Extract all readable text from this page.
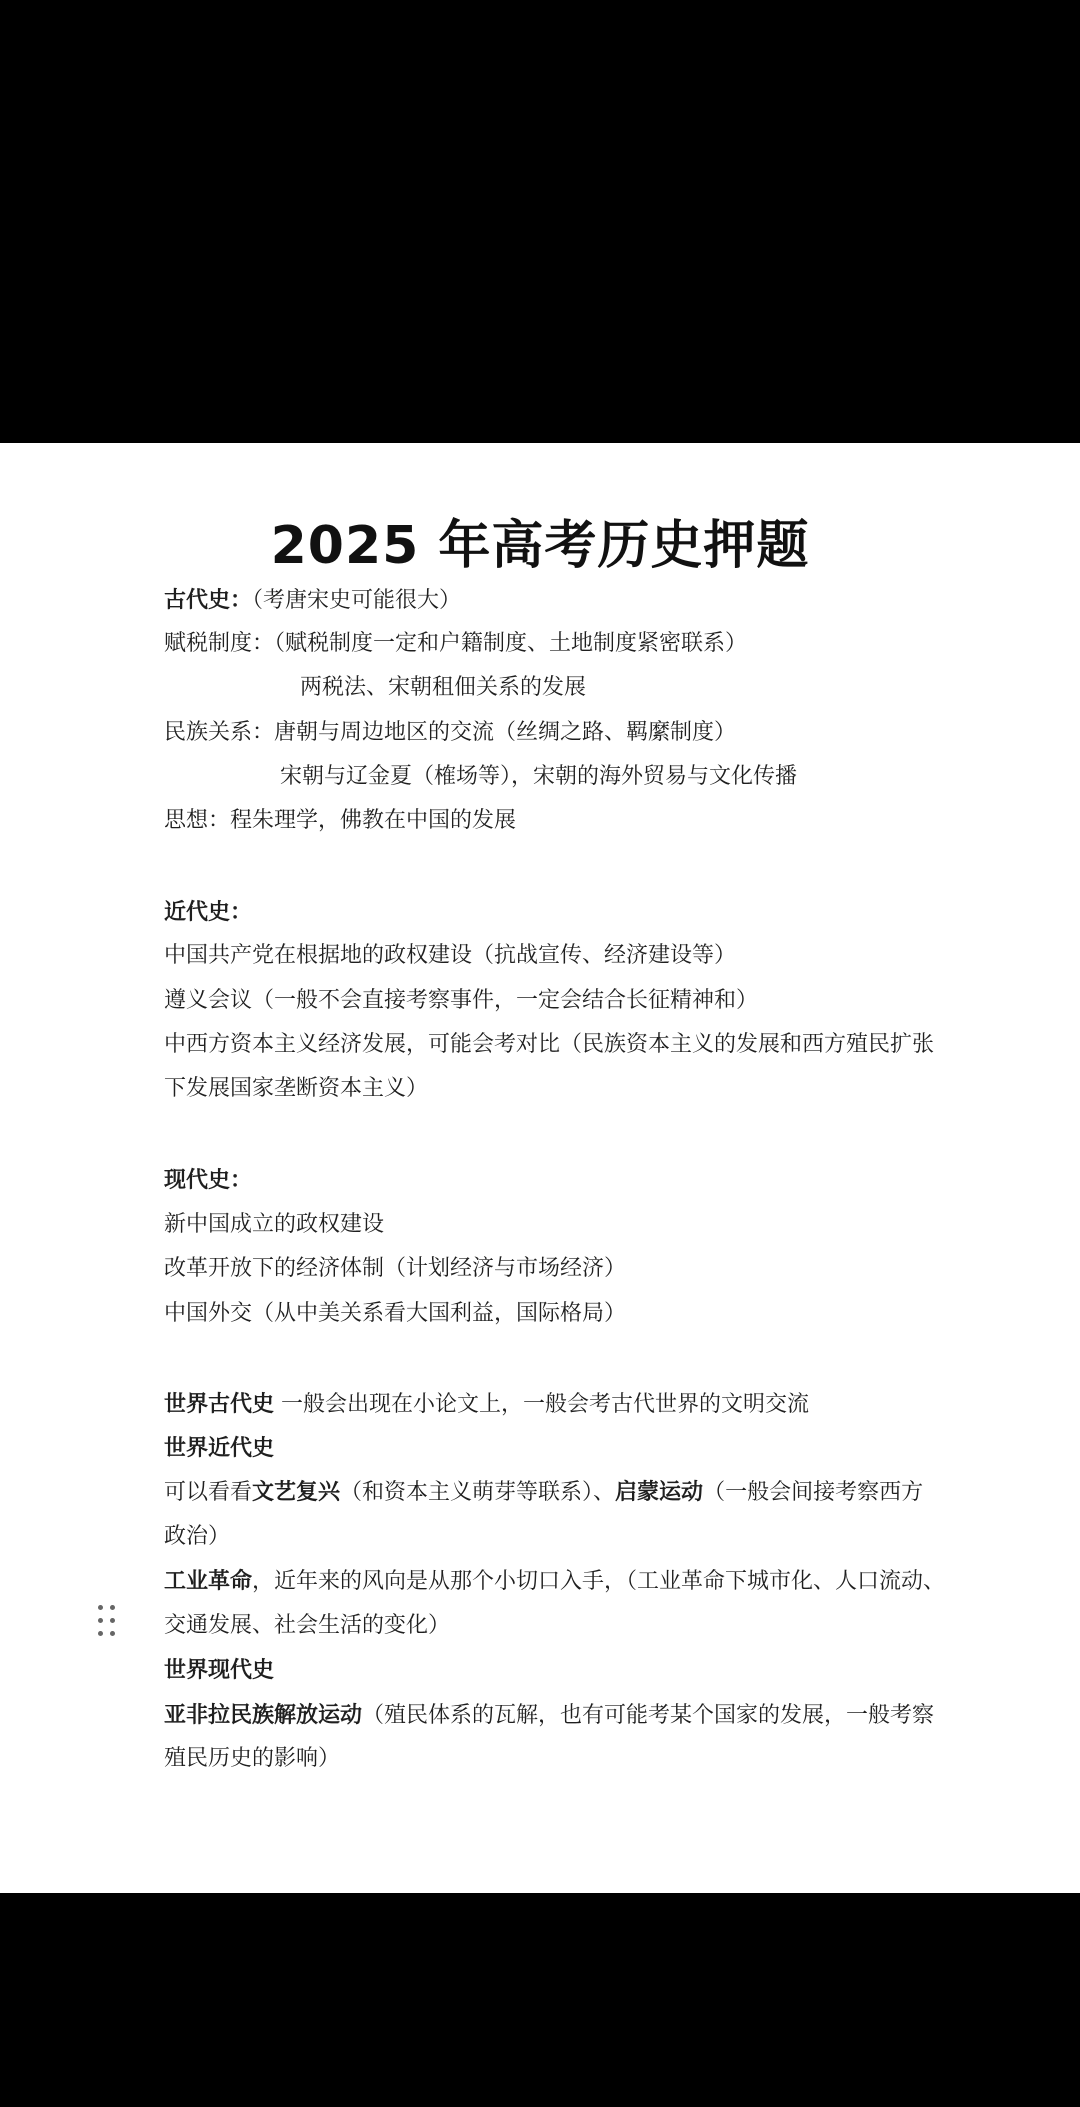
2025 年高考历史押题
古代史：（考唐宋史可能很大）
赋税制度：（赋税制度一定和户籍制度、土地制度紧密联系）
两税法、宋朝租佃关系的发展
民族关系：唐朝与周边地区的交流（丝绸之路、羁縻制度）
宋朝与辽金夏（榷场等），宋朝的海外贸易与文化传播
思想：程朱理学，佛教在中国的发展
近代史：
中国共产党在根据地的政权建设（抗战宣传、经济建设等）
遵义会议（一般不会直接考察事件，一定会结合长征精神和）
中西方资本主义经济发展，可能会考对比（民族资本主义的发展和西方殖民扩张
下发展国家垄断资本主义）
现代史：
新中国成立的政权建设
改革开放下的经济体制（计划经济与市场经济）
中国外交（从中美关系看大国利益，国际格局）
世界古代史 一般会出现在小论文上，一般会考古代世界的文明交流
世界近代史
可以看看文艺复兴（和资本主义萌芽等联系）、启蒙运动（一般会间接考察西方
政治）
工业革命，近年来的风向是从那个小切口入手，（工业革命下城市化、人口流动、
交通发展、社会生活的变化）
世界现代史
亚非拉民族解放运动（殖民体系的瓦解，也有可能考某个国家的发展，一般考察
殖民历史的影响）
